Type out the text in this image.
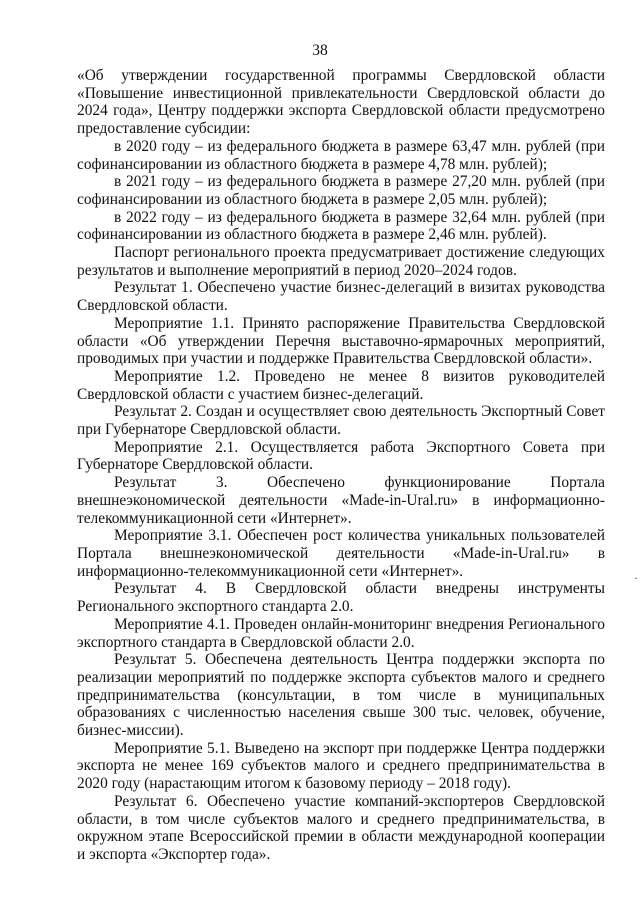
38

«Об утверждении государственной программы Свердловской области «Повышение инвестиционной привлекательности Свердловской области до 2024 года», Центру поддержки экспорта Свердловской области предусмотрено предоставление субсидии:

в 2020 году – из федерального бюджета в размере 63,47 млн. рублей (при софинансировании из областного бюджета в размере 4,78 млн. рублей);

в 2021 году – из федерального бюджета в размере 27,20 млн. рублей (при софинансировании из областного бюджета в размере 2,05 млн. рублей);

в 2022 году – из федерального бюджета в размере 32,64 млн. рублей (при софинансировании из областного бюджета в размере 2,46 млн. рублей).

Паспорт регионального проекта предусматривает достижение следующих результатов и выполнение мероприятий в период 2020–2024 годов.

Результат 1. Обеспечено участие бизнес-делегаций в визитах руководства Свердловской области.

Мероприятие 1.1. Принято распоряжение Правительства Свердловской области «Об утверждении Перечня выставочно-ярмарочных мероприятий, проводимых при участии и поддержке Правительства Свердловской области».

Мероприятие 1.2. Проведено не менее 8 визитов руководителей Свердловской области с участием бизнес-делегаций.

Результат 2. Создан и осуществляет свою деятельность Экспортный Совет при Губернаторе Свердловской области.

Мероприятие 2.1. Осуществляется работа Экспортного Совета при Губернаторе Свердловской области.

Результат 3. Обеспечено функционирование Портала внешнеэкономической деятельности «Made-in-Ural.ru» в информационно-телекоммуникационной сети «Интернет».

Мероприятие 3.1. Обеспечен рост количества уникальных пользователей Портала внешнеэкономической деятельности «Made-in-Ural.ru» в информационно-телекоммуникационной сети «Интернет».

Результат 4. В Свердловской области внедрены инструменты Регионального экспортного стандарта 2.0.

Мероприятие 4.1. Проведен онлайн-мониторинг внедрения Регионального экспортного стандарта в Свердловской области 2.0.

Результат 5. Обеспечена деятельность Центра поддержки экспорта по реализации мероприятий по поддержке экспорта субъектов малого и среднего предпринимательства (консультации, в том числе в муниципальных образованиях с численностью населения свыше 300 тыс. человек, обучение, бизнес-миссии).

Мероприятие 5.1. Выведено на экспорт при поддержке Центра поддержки экспорта не менее 169 субъектов малого и среднего предпринимательства в 2020 году (нарастающим итогом к базовому периоду – 2018 году).

Результат 6. Обеспечено участие компаний-экспортеров Свердловской области, в том числе субъектов малого и среднего предпринимательства, в окружном этапе Всероссийской премии в области международной кооперации и экспорта «Экспортер года».

·
